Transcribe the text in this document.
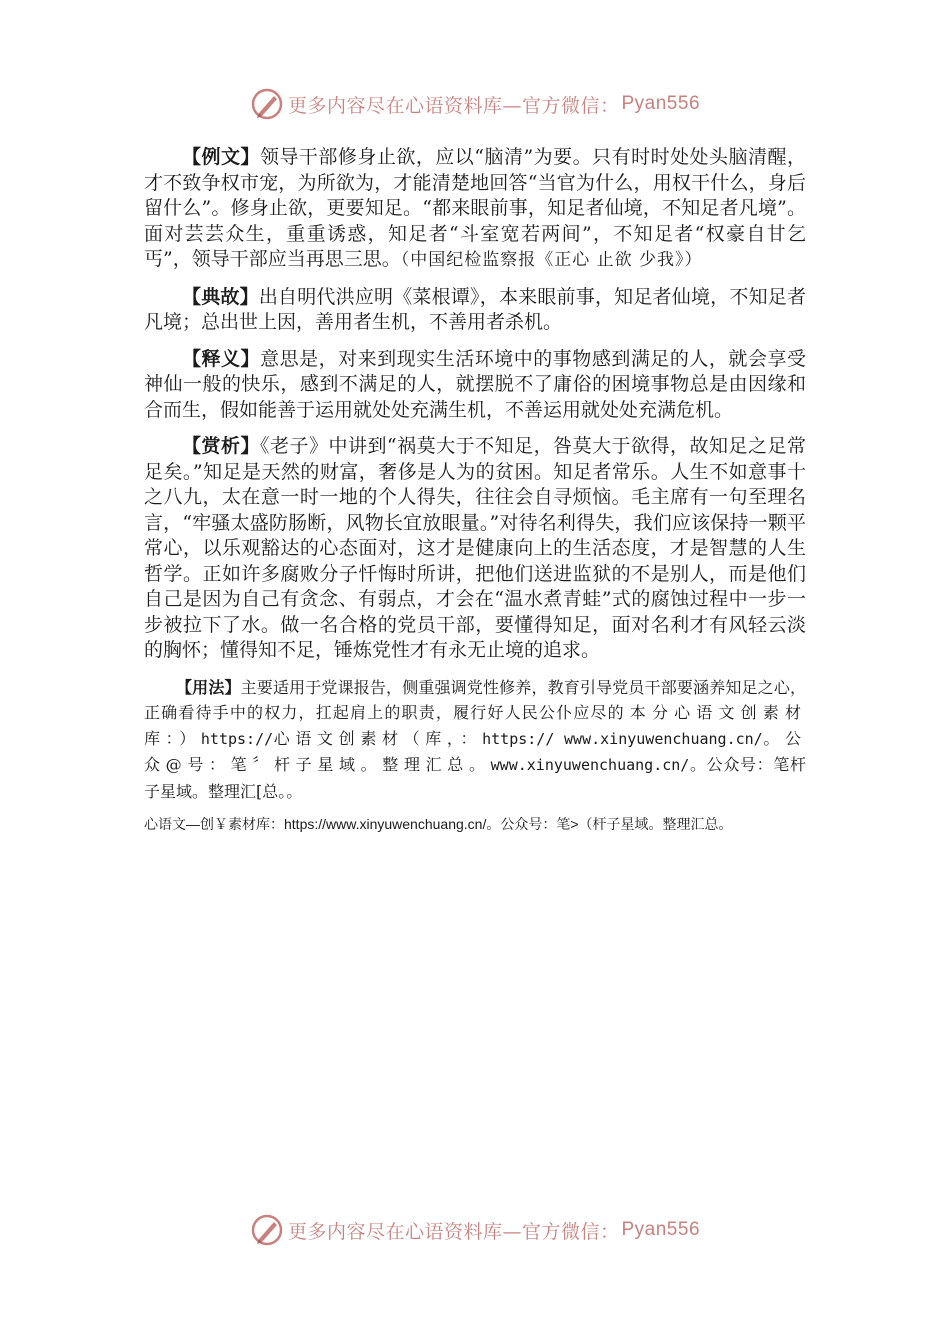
更多内容尽在心语资料库—官方微信： Pyan556

【例文】领导干部修身止欲，应以“脑清”为要。只有时时处处头脑清醒，才不致争权市宠，为所欲为，才能清楚地回答“当官为什么，用权干什么，身后留什么”。修身止欲，更要知足。“都来眼前事，知足者仙境，不知足者凡境”。面对芸芸众生，重重诱惑，知足者“斗室宽若两间”，不知足者“权豪自甘乞丐”，领导干部应当再思三思。（中国纪检监察报《正心 止欲 少我》）

【典故】出自明代洪应明《菜根谭》，本来眼前事，知足者仙境，不知足者凡境；总出世上因，善用者生机，不善用者杀机。

【释义】意思是，对来到现实生活环境中的事物感到满足的人，就会享受神仙一般的快乐，感到不满足的人，就摆脱不了庸俗的困境事物总是由因缘和合而生，假如能善于运用就处处充满生机，不善运用就处处充满危机。

【赏析】《老子》中讲到“祸莫大于不知足，咎莫大于欲得，故知足之足常足矣。”知足是天然的财富，奢侈是人为的贫困。知足者常乐。人生不如意事十之八九，太在意一时一地的个人得失，往往会自寻烦恼。毛主席有一句至理名言，“牢骚太盛防肠断，风物长宜放眼量。”对待名利得失，我们应该保持一颗平常心，以乐观豁达的心态面对，这才是健康向上的生活态度，才是智慧的人生哲学。正如许多腐败分子忏悔时所讲，把他们送进监狱的不是别人，而是他们自己是因为自己有贪念、有弱点，才会在“温水煮青蛙”式的腐蚀过程中一步一步被拉下了水。做一名合格的党员干部，要懂得知足，面对名利才有风轻云淡的胸怀；懂得知不足，锤炼党性才有永无止境的追求。

【用法】主要适用于党课报告，侧重强调党性修养，教育引导党员干部要涵养知足之心，正确看待手中的权力，扛起肩上的职责，履行好人民公仆应尽的本分心语文创素材库：）https://心语文创素材（库，：https:// www.xinyuwenchuang.cn/。公众@号：笔〞杆子星域。整理汇总。www.xinyuwenchuang.cn/。公众号：笔杆子星域。整理汇[总。。

心语文—创￥素材库：https://www.xinyuwenchuang.cn/。公众号：笔>（杆子星域。整理汇总。

更多内容尽在心语资料库—官方微信： Pyan556
